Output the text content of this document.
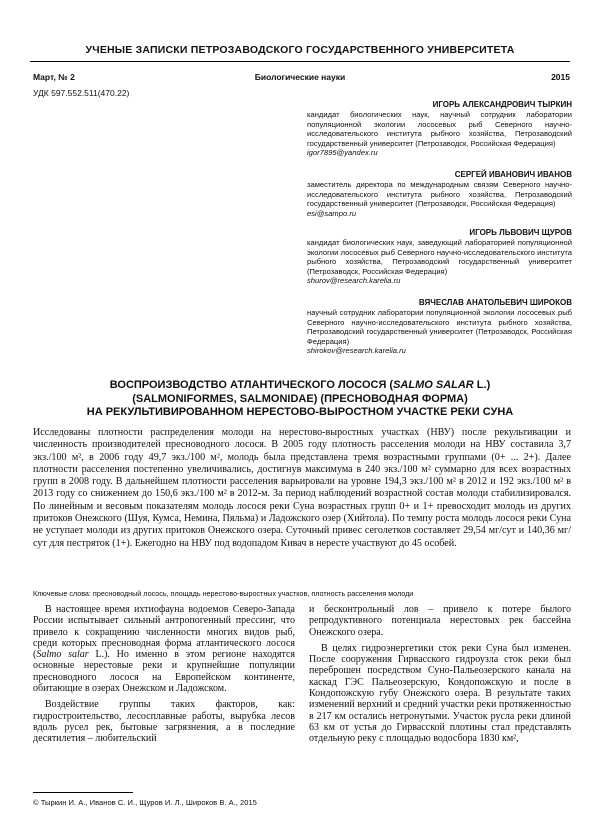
УЧЕНЫЕ ЗАПИСКИ ПЕТРОЗАВОДСКОГО ГОСУДАРСТВЕННОГО УНИВЕРСИТЕТА
Март, № 2	Биологические науки	2015
УДК 597.552.511(470.22)
ИГОРЬ АЛЕКСАНДРОВИЧ ТЫРКИН
кандидат биологических наук, научный сотрудник лаборатории популяционной экологии лососевых рыб Северного научно-исследовательского института рыбного хозяйства, Петрозаводский государственный университет (Петрозаводск, Российская Федерация)
igor7895@yandex.ru
СЕРГЕЙ ИВАНОВИЧ ИВАНОВ
заместитель директора по международным связям Северного научно-исследовательского института рыбного хозяйства, Петрозаводский государственный университет (Петрозаводск, Российская Федерация)
esi@sampo.ru
ИГОРЬ ЛЬВОВИЧ ЩУРОВ
кандидат биологических наук, заведующий лабораторией популяционной экологии лососевых рыб Северного научно-исследовательского института рыбного хозяйства, Петрозаводский государственный университет (Петрозаводск, Российская Федерация)
shurov@research.karelia.ru
ВЯЧЕСЛАВ АНАТОЛЬЕВИЧ ШИРОКОВ
научный сотрудник лаборатории популяционной экологии лососевых рыб Северного научно-исследовательского института рыбного хозяйства, Петрозаводский государственный университет (Петрозаводск, Российская Федерация)
shirokov@research.karelia.ru
ВОСПРОИЗВОДСТВО АТЛАНТИЧЕСКОГО ЛОСОСЯ (SALMO SALAR L.)
(SALMONIFORMES, SALMONIDAE) (ПРЕСНОВОДНАЯ ФОРМА)
НА РЕКУЛЬТИВИРОВАННОМ НЕРЕСТОВО-ВЫРОСТНОМ УЧАСТКЕ РЕКИ СУНА
Исследованы плотности распределения молоди на нерестово-выростных участках (НВУ) после рекультивации и численность производителей пресноводного лосося. В 2005 году плотность расселения молоди на НВУ составила 3,7 экз./100 м², в 2006 году 49,7 экз./100 м², молодь была представлена тремя возрастными группами (0+ ... 2+). Далее плотности расселения постепенно увеличивались, достигнув максимума в 240 экз./100 м² суммарно для всех возрастных групп в 2008 году. В дальнейшем плотности расселения варьировали на уровне 194,3 экз./100 м² в 2012 и 192 экз./100 м² в 2013 году со снижением до 150,6 экз./100 м² в 2012-м. За период наблюдений возрастной состав молоди стабилизировался. По линейным и весовым показателям молодь лосося реки Суна возрастных групп 0+ и 1+ превосходит молодь из других притоков Онежского (Шуя, Кумса, Немина, Пяльма) и Ладожского озер (Хийтола). По темпу роста молодь лосося реки Суна не уступает молоди из других притоков Онежского озера. Суточный привес сеголетков составляет 29,54 мг/сут и 140,36 мг/сут для пестряток (1+). Ежегодно на НВУ под водопадом Кивач в нересте участвуют до 45 особей.
Ключевые слова: пресноводный лосось, площадь нерестово-выростных участков, плотность расселения молоди

В настоящее время ихтиофауна водоемов Северо-Запада России испытывает сильный антропогенный прессинг, что привело к сокращению численности многих видов рыб, среди которых пресноводная форма атлантического лосося (Salmo salar L.). Но именно в этом регионе находятся основные нерестовые реки и крупнейшие популяции пресноводного лосося на Европейском континенте, обитающие в озерах Онежском и Ладожском.

Воздействие группы таких факторов, как: гидростроительство, лесосплавные работы, вырубка лесов вдоль русел рек, бытовые загрязнения, а в последние десятилетия – любительский

и бесконтрольный лов – привело к потере былого репродуктивного потенциала нерестовых рек бассейна Онежского озера.

В целях гидроэнергетики сток реки Суна был изменен. После сооружения Гирвасского гидроузла сток реки был переброшен посредством Суно-Пальеозерского канала на каскад ГЭС Пальеозерскую, Кондопожскую и после в Кондопожскую губу Онежского озера. В результате таких изменений верхний и средний участки реки протяженностью в 217 км остались нетронутыми. Участок русла реки длиной 63 км от устья до Гирвасской плотины стал представлять отдельную реку с площадью водосбора 1830 км²,

© Тыркин И. А., Иванов С. И., Щуров И. Л., Широков В. А., 2015
